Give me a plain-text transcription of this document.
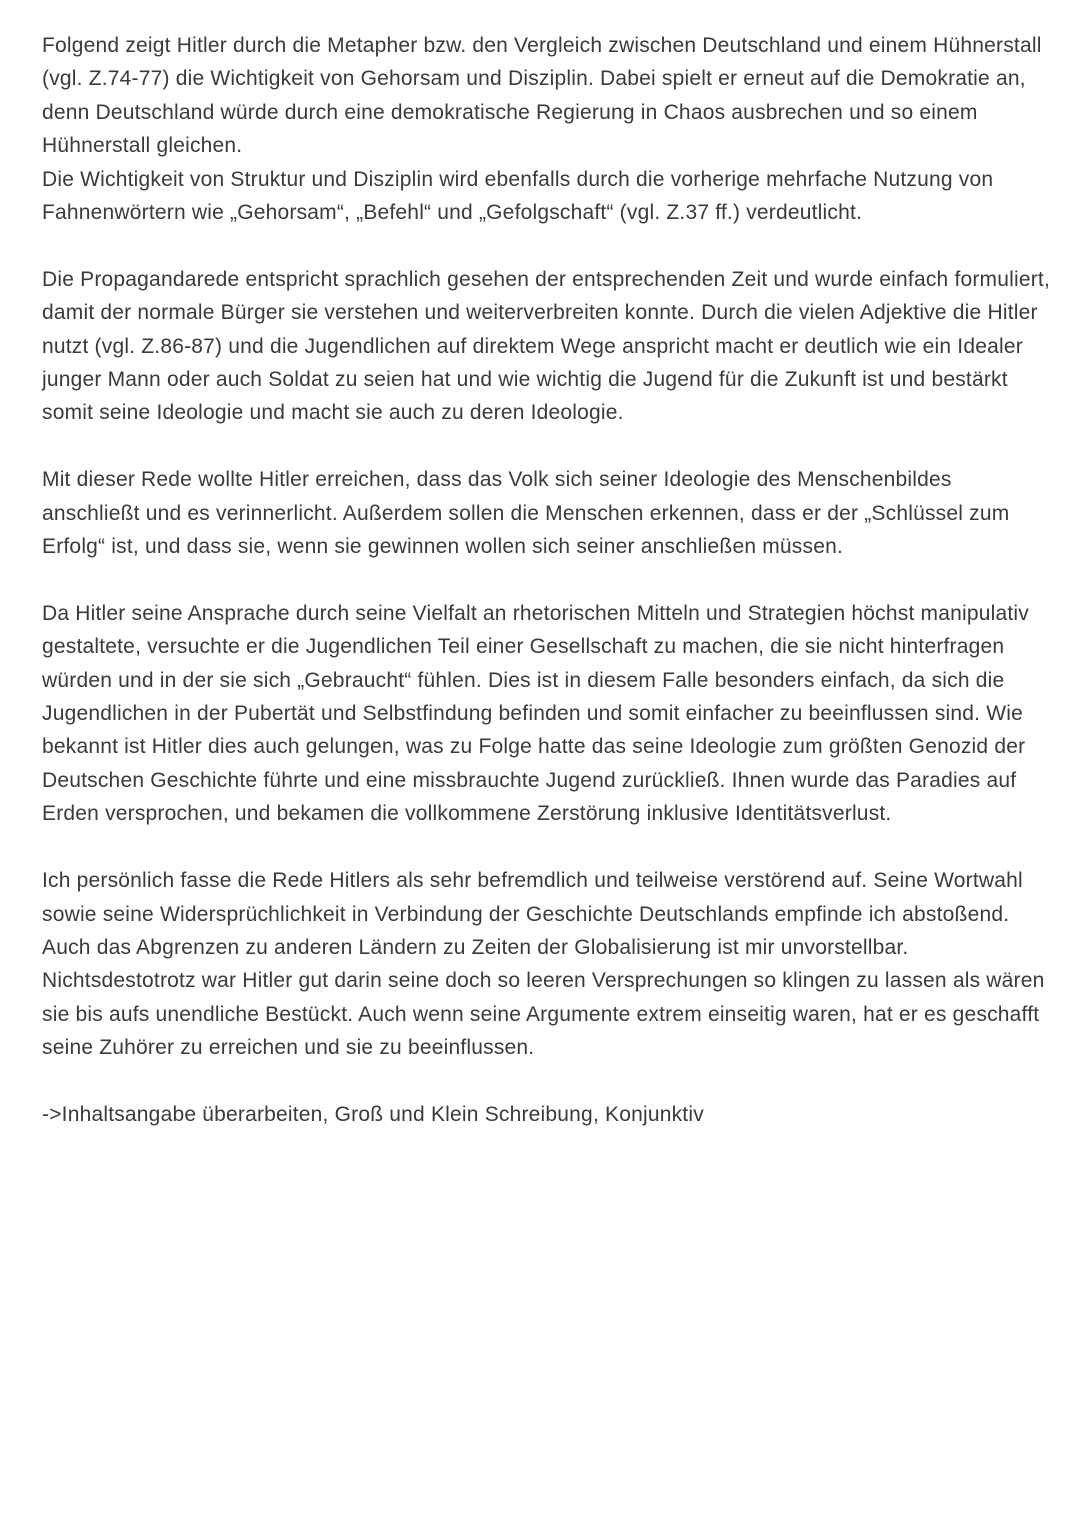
Folgend zeigt Hitler durch die Metapher bzw. den Vergleich zwischen Deutschland und einem Hühnerstall (vgl. Z.74-77) die Wichtigkeit von Gehorsam und Disziplin. Dabei spielt er erneut auf die Demokratie an, denn Deutschland würde durch eine demokratische Regierung in Chaos ausbrechen und so einem Hühnerstall gleichen.

Die Wichtigkeit von Struktur und Disziplin wird ebenfalls durch die vorherige mehrfache Nutzung von Fahnenwörtern wie „Gehorsam“, „Befehl“ und „Gefolgschaft“ (vgl. Z.37 ff.) verdeutlicht.

Die Propagandarede entspricht sprachlich gesehen der entsprechenden Zeit und wurde einfach formuliert, damit der normale Bürger sie verstehen und weiterverbreiten konnte. Durch die vielen Adjektive die Hitler nutzt (vgl. Z.86-87) und die Jugendlichen auf direktem Wege anspricht macht er deutlich wie ein Idealer junger Mann oder auch Soldat zu seien hat und wie wichtig die Jugend für die Zukunft ist und bestärkt somit seine Ideologie und macht sie auch zu deren Ideologie.

Mit dieser Rede wollte Hitler erreichen, dass das Volk sich seiner Ideologie des Menschenbildes anschließt und es verinnerlicht. Außerdem sollen die Menschen erkennen, dass er der „Schlüssel zum Erfolg“ ist, und dass sie, wenn sie gewinnen wollen sich seiner anschließen müssen.

Da Hitler seine Ansprache durch seine Vielfalt an rhetorischen Mitteln und Strategien höchst manipulativ gestaltete, versuchte er die Jugendlichen Teil einer Gesellschaft zu machen, die sie nicht hinterfragen würden und in der sie sich „Gebraucht“ fühlen. Dies ist in diesem Falle besonders einfach, da sich die Jugendlichen in der Pubertät und Selbstfindung befinden und somit einfacher zu beeinflussen sind. Wie bekannt ist Hitler dies auch gelungen, was zu Folge hatte das seine Ideologie zum größten Genozid der Deutschen Geschichte führte und eine missbrauchte Jugend zurückließ. Ihnen wurde das Paradies auf Erden versprochen, und bekamen die vollkommene Zerstörung inklusive Identitätsverlust.

Ich persönlich fasse die Rede Hitlers als sehr befremdlich und teilweise verstörend auf. Seine Wortwahl sowie seine Widersprüchlichkeit in Verbindung der Geschichte Deutschlands empfinde ich abstoßend. Auch das Abgrenzen zu anderen Ländern zu Zeiten der Globalisierung ist mir unvorstellbar. Nichtsdestotrotz war Hitler gut darin seine doch so leeren Versprechungen so klingen zu lassen als wären sie bis aufs unendliche Bestückt. Auch wenn seine Argumente extrem einseitig waren, hat er es geschafft seine Zuhörer zu erreichen und sie zu beeinflussen.

->Inhaltsangabe überarbeiten, Groß und Klein Schreibung, Konjunktiv
